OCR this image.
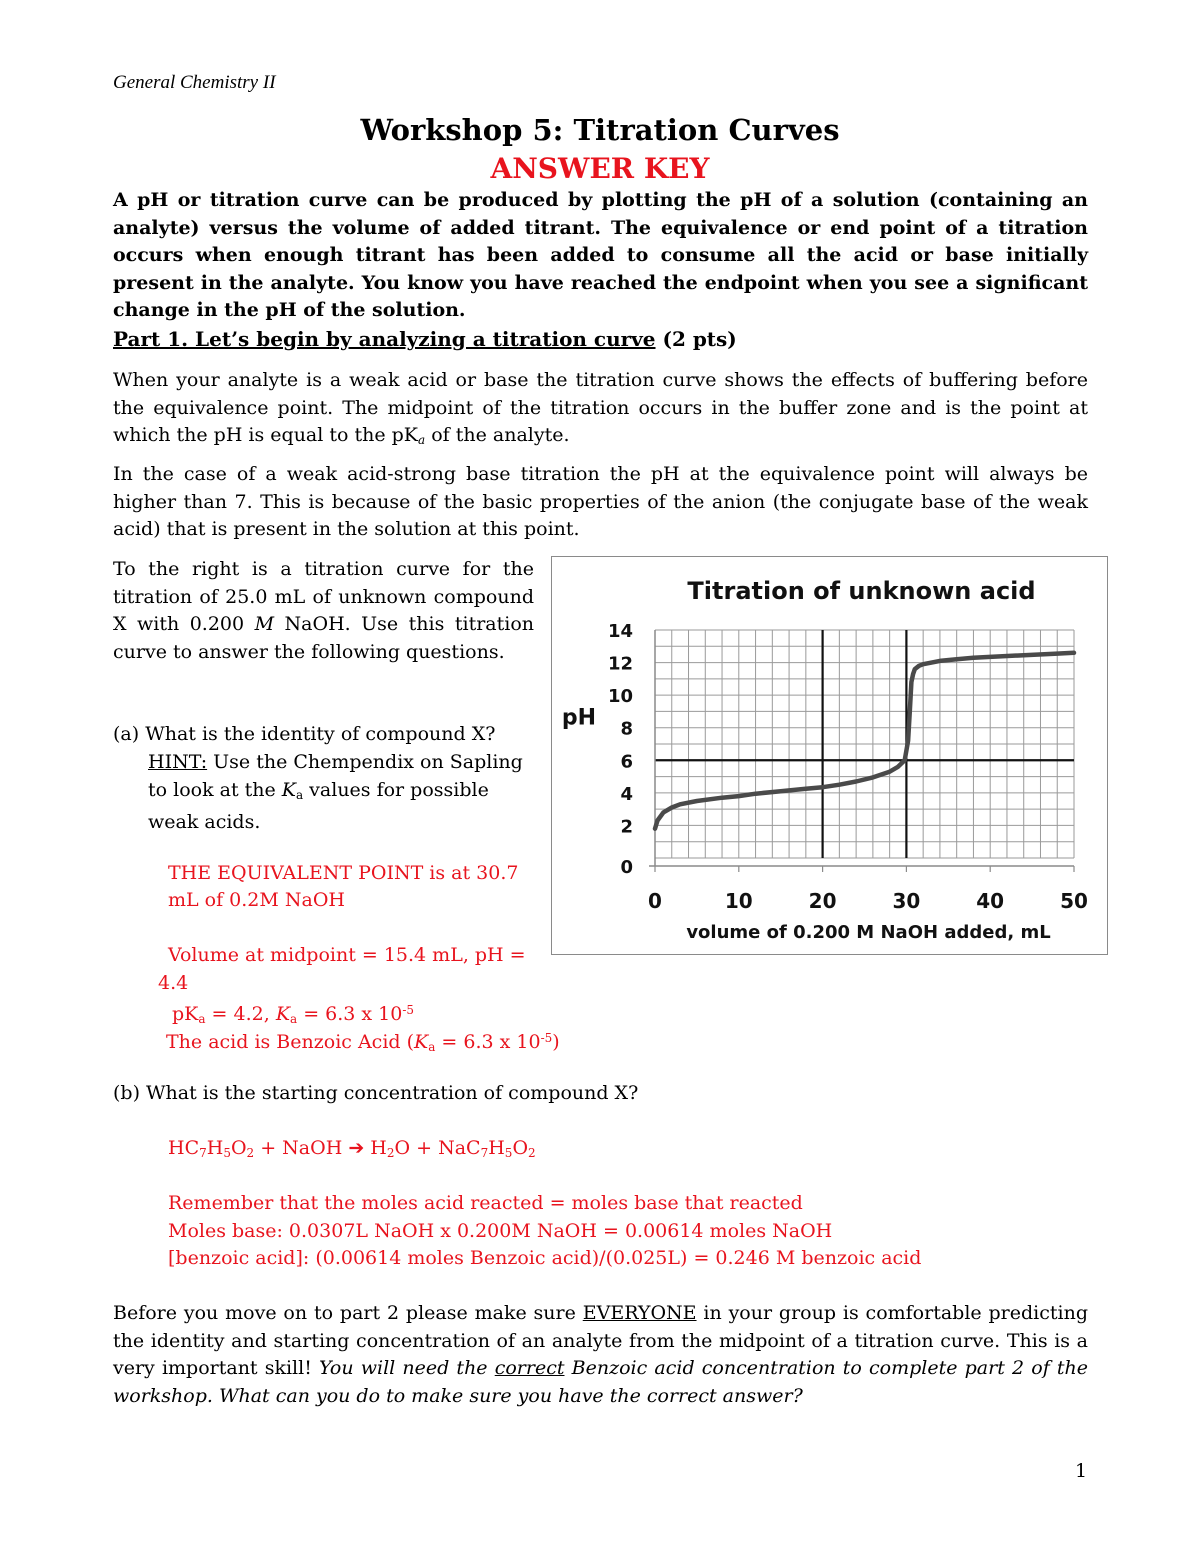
General Chemistry II
Workshop 5: Titration Curves
ANSWER KEY
A pH or titration curve can be produced by plotting the pH of a solution (containing an analyte) versus the volume of added titrant. The equivalence or end point of a titration occurs when enough titrant has been added to consume all the acid or base initially present in the analyte. You know you have reached the endpoint when you see a significant change in the pH of the solution.
Part 1. Let’s begin by analyzing a titration curve (2 pts)
When your analyte is a weak acid or base the titration curve shows the effects of buffering before the equivalence point. The midpoint of the titration occurs in the buffer zone and is the point at which the pH is equal to the $pK_a$ of the analyte.
In the case of a weak acid-strong base titration the pH at the equivalence point will always be higher than 7. This is because of the basic properties of the anion (the conjugate base of the weak acid) that is present in the solution at this point.
To the right is a titration curve for the titration of 25.0 mL of unknown compound X with 0.200 M NaOH. Use this titration curve to answer the following questions.
(a) What is the identity of compound X?
HINT: Use the Chempendix on Sapling
to look at the $K_a$ values for possible
weak acids.
THE EQUIVALENT POINT is at 30.7
mL of 0.2M NaOH
Volume at midpoint = 15.4 mL, pH =
4.4
$pK_a = 4.2$, $K_a = 6.3$ x $10^{-5}$
The acid is Benzoic Acid ($K_a = 6.3$ x $10^{-5}$)
0	10	20	30	40	50
0
2
4
6
8
10
12
14
Titration of unknown acid
volume of 0.200 M NaOH added, mL
pH
(b) What is the starting concentration of compound X?
$HC_7H_5O_2$ + NaOH ➔ $H_2O + NaC_7H_5O_2$
Remember that the moles acid reacted = moles base that reacted
Moles base: 0.0307L NaOH x 0.200M NaOH = 0.00614 moles NaOH
[benzoic acid]: (0.00614 moles Benzoic acid)/(0.025L) = 0.246 M benzoic acid
Before you move on to part 2 please make sure EVERYONE in your group is comfortable predicting the identity and starting concentration of an analyte from the midpoint of a titration curve. This is a very important skill! You will need the correct Benzoic acid concentration to complete part 2 of the workshop. What can you do to make sure you have the correct answer?
1
